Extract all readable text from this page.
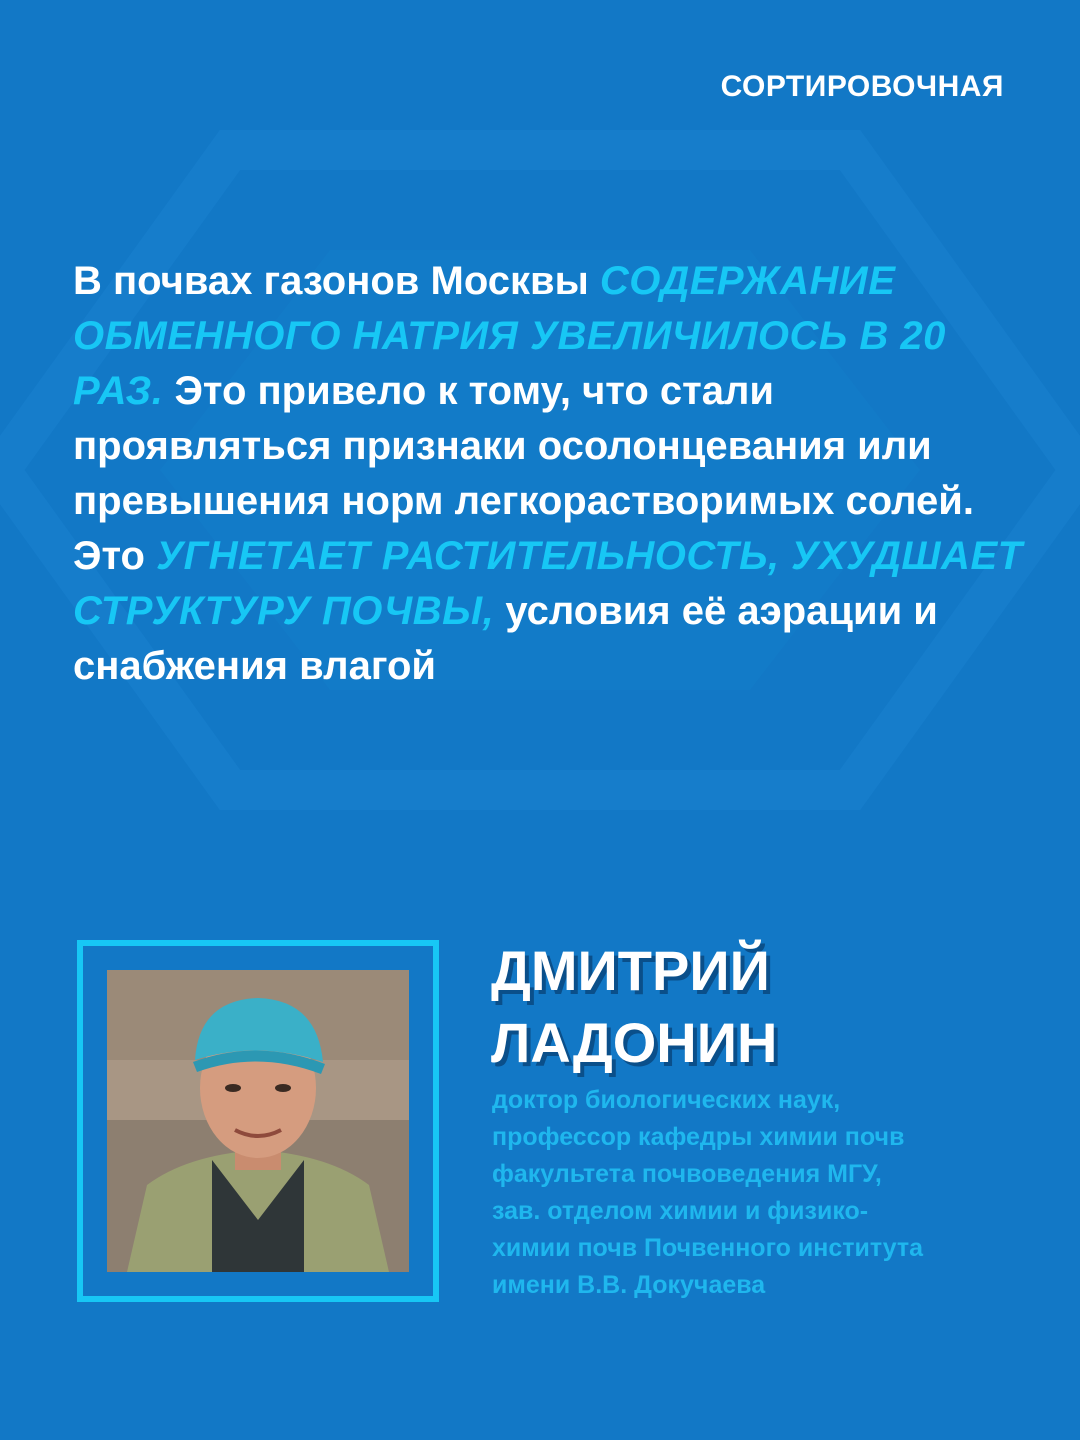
СОРТИРОВОЧНАЯ
В почвах газонов Москвы СОДЕРЖАНИЕ ОБМЕННОГО НАТРИЯ УВЕЛИЧИЛОСЬ В 20 РАЗ. Это привело к тому, что стали проявляться признаки осолонцевания или превышения норм легкорастворимых солей. Это УГНЕТАЕТ РАСТИТЕЛЬНОСТЬ, УХУДШАЕТ СТРУКТУРУ ПОЧВЫ, условия её аэрации и снабжения влагой
ДМИТРИЙ
ЛАДОНИН
доктор биологических наук,
профессор кафедры химии почв
факультета почвоведения МГУ,
зав. отделом химии и физико-
химии почв Почвенного института
имени В.В. Докучаева
